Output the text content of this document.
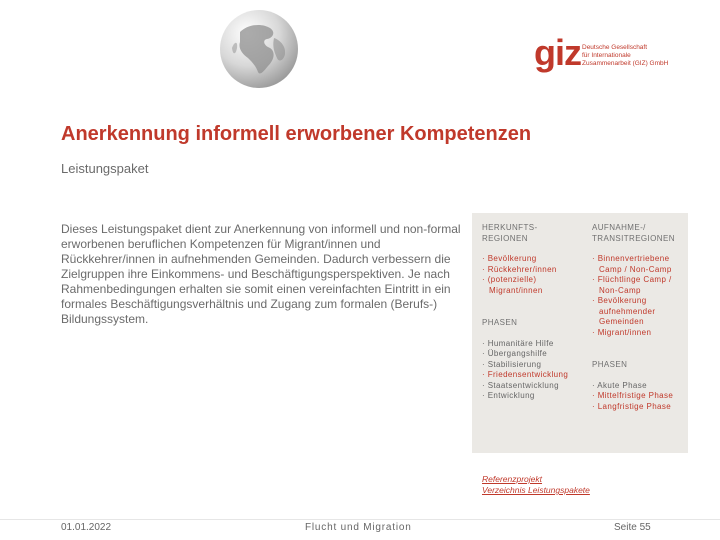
giz Deutsche Gesellschaft
für Internationale
Zusammenarbeit (GIZ) GmbH
Anerkennung informell erworbener Kompetenzen
Leistungspaket
Dieses Leistungspaket dient zur Anerkennung von informell und non-formal erworbenen beruflichen Kompetenzen für Migrant/innen und Rückkehrer/innen in aufnehmenden Gemeinden. Dadurch verbessern die Zielgruppen ihre Einkommens- und Beschäftigungsperspektiven. Je nach Rahmenbedingungen erhalten sie somit einen vereinfachten Eintritt in ein formales Beschäftigungsverhältnis und Zugang zum formalen (Berufs-) Bildungssystem.
HERKUNFTS-REGIONEN
· Bevölkerung
· Rückkehrer/innen
· (potenzielle) Migrant/innen
PHASEN
· Humanitäre Hilfe
· Übergangshilfe
· Stabilisierung
· Friedensentwicklung
· Staatsentwicklung
· Entwicklung
AUFNAHME-/ TRANSITREGIONEN
· Binnenvertriebene Camp / Non-Camp
· Flüchtlinge Camp / Non-Camp
· Bevölkerung aufnehmender Gemeinden
· Migrant/innen
PHASEN
· Akute Phase
· Mittelfristige Phase
· Langfristige Phase
Referenzprojekt
Verzeichnis Leistungspakete
01.01.2022	Flucht und Migration	Seite 55
